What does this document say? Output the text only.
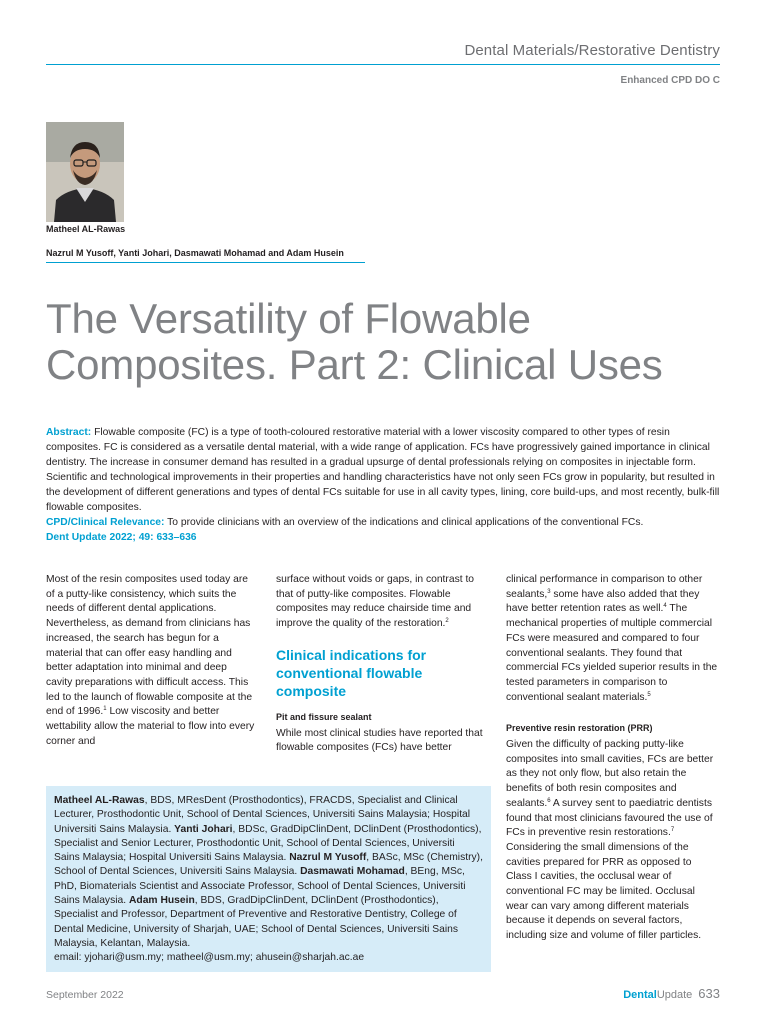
Dental Materials/Restorative Dentistry
Enhanced CPD DO C
Matheel AL-Rawas
Nazrul M Yusoff, Yanti Johari, Dasmawati Mohamad and Adam Husein
The Versatility of Flowable
Composites. Part 2: Clinical Uses

Abstract: Flowable composite (FC) is a type of tooth-coloured restorative material with a lower viscosity compared to other types of resin composites. FC is considered as a versatile dental material, with a wide range of application. FCs have progressively gained importance in clinical dentistry. The increase in consumer demand has resulted in a gradual upsurge of dental professionals relying on composites in injectable form. Scientific and technological improvements in their properties and handling characteristics have not only seen FCs grow in popularity, but resulted in the development of different generations and types of dental FCs suitable for use in all cavity types, lining, core build-ups, and most recently, bulk-fill flowable composites.

CPD/Clinical Relevance: To provide clinicians with an overview of the indications and clinical applications of the conventional FCs.

Dent Update 2022; 49: 633–636

Most of the resin composites used today are of a putty-like consistency, which suits the needs of different dental applications. Nevertheless, as demand from clinicians has increased, the search has begun for a material that can offer easy handling and better adaptation into minimal and deep cavity preparations with difficult access. This led to the launch of flowable composite at the end of 1996.$^1$ Low viscosity and better wettability allow the material to flow into every corner and

surface without voids or gaps, in contrast to that of putty-like composites. Flowable composites may reduce chairside time and improve the quality of the restoration.$^2$

Clinical indications for conventional flowable composite

Pit and fissure sealant

While most clinical studies have reported that flowable composites (FCs) have better

clinical performance in comparison to other sealants,$^3$ some have also added that they have better retention rates as well.$^4$ The mechanical properties of multiple commercial FCs were measured and compared to four conventional sealants. They found that commercial FCs yielded superior results in the tested parameters in comparison to conventional sealant materials.$^5$

Preventive resin restoration (PRR)

Given the difficulty of packing putty-like composites into small cavities, FCs are better as they not only flow, but also retain the benefits of both resin composites and sealants.$^6$ A survey sent to paediatric dentists found that most clinicians favoured the use of FCs in preventive resin restorations.$^7$ Considering the small dimensions of the cavities prepared for PRR as opposed to Class I cavities, the occlusal wear of conventional FC may be limited. Occlusal wear can vary among different materials because it depends on several factors, including size and volume of filler particles.

Matheel AL-Rawas, BDS, MResDent (Prosthodontics), FRACDS, Specialist and Clinical Lecturer, Prosthodontic Unit, School of Dental Sciences, Universiti Sains Malaysia; Hospital Universiti Sains Malaysia. Yanti Johari, BDSc, GradDipClinDent, DClinDent (Prosthodontics), Specialist and Senior Lecturer, Prosthodontic Unit, School of Dental Sciences, Universiti Sains Malaysia; Hospital Universiti Sains Malaysia. Nazrul M Yusoff, BASc, MSc (Chemistry), School of Dental Sciences, Universiti Sains Malaysia. Dasmawati Mohamad, BEng, MSc, PhD, Biomaterials Scientist and Associate Professor, School of Dental Sciences, Universiti Sains Malaysia. Adam Husein, BDS, GradDipClinDent, DClinDent (Prosthodontics), Specialist and Professor, Department of Preventive and Restorative Dentistry, College of Dental Medicine, University of Sharjah, UAE; School of Dental Sciences, Universiti Sains Malaysia, Kelantan, Malaysia.

email: yjohari@usm.my; matheel@usm.my; ahusein@sharjah.ac.ae

September 2022	DentalUpdate 633
